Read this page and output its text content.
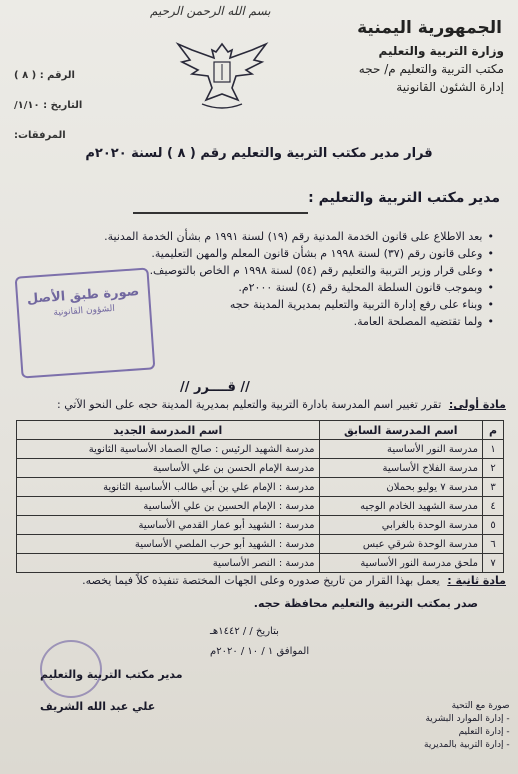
بسم الله الرحمن الرحيم
الجمهورية اليمنية
وزارة التربية والتعليم
مكتب التربية والتعليم م/ حجه
إدارة الشئون القانونية
الرقم : ( ٨ )
التاريخ : ١/١٠/
المرفقات:
قرار مدير مكتب التربية والتعليم رقم ( ٨ ) لسنة ٢٠٢٠م
مدير مكتب التربية والتعليم :
• بعد الاطلاع على قانون الخدمة المدنية رقم (١٩) لسنة ١٩٩١ م بشأن الخدمة المدنية.
• وعلى قانون رقم (٣٧) لسنة ١٩٩٨ م بشأن قانون المعلم والمهن التعليمية.
• وعلى قرار وزير التربية والتعليم رقم (٥٤) لسنة ١٩٩٨ م الخاص بالتوصيف.
• وبموجب قانون السلطة المحلية رقم (٤) لسنة ٢٠٠٠م.
• وبناء على رفع إدارة التربية والتعليم بمديرية المدينة حجه
• ولما تقتضيه المصلحة العامة.
صورة طبق الأصل
الشؤون القانونية
// قــــرر //
مادة أولى: تقرر تغيير اسم المدرسة بادارة التربية والتعليم بمديرية المدينة حجه على النحو الآتي :
م	اسم المدرسة السابق	اسم المدرسة الجديد
١	مدرسة النور الأساسية	مدرسة الشهيد الرئيس : صالح الصماد الأساسية الثانوية
٢	مدرسة الفلاح الأساسية	مدرسة الإمام الحسن بن علي الأساسية
٣	مدرسة ٧ يوليو بحملان	مدرسة : الإمام علي بن أبي طالب الأساسية الثانوية
٤	مدرسة الشهيد الخادم الوجيه	مدرسة : الإمام الحسين بن علي الأساسية
٥	مدرسة الوحدة بالغرابي	مدرسة : الشهيد أبو عمار القدمي الأساسية
٦	مدرسة الوحدة شرقي عبس	مدرسة : الشهيد أبو حرب الملصي الأساسية
٧	ملحق مدرسة النور الأساسية	مدرسة : النصر الأساسية
مادة ثانية : يعمل بهذا القرار من تاريخ صدوره وعلى الجهات المختصة تنفيذه كلاً فيما يخصه.
صدر بمكتب التربية والتعليم محافظة حجه.
بتاريخ / / ١٤٤٢هـ
الموافق ١ / ١٠ / ٢٠٢٠م
مدير مكتب التربية والتعليم
علي عبد الله الشريف	صورة مع التحية
- إدارة الموارد البشرية
- إدارة التعليم
- إدارة التربية بالمديرية
